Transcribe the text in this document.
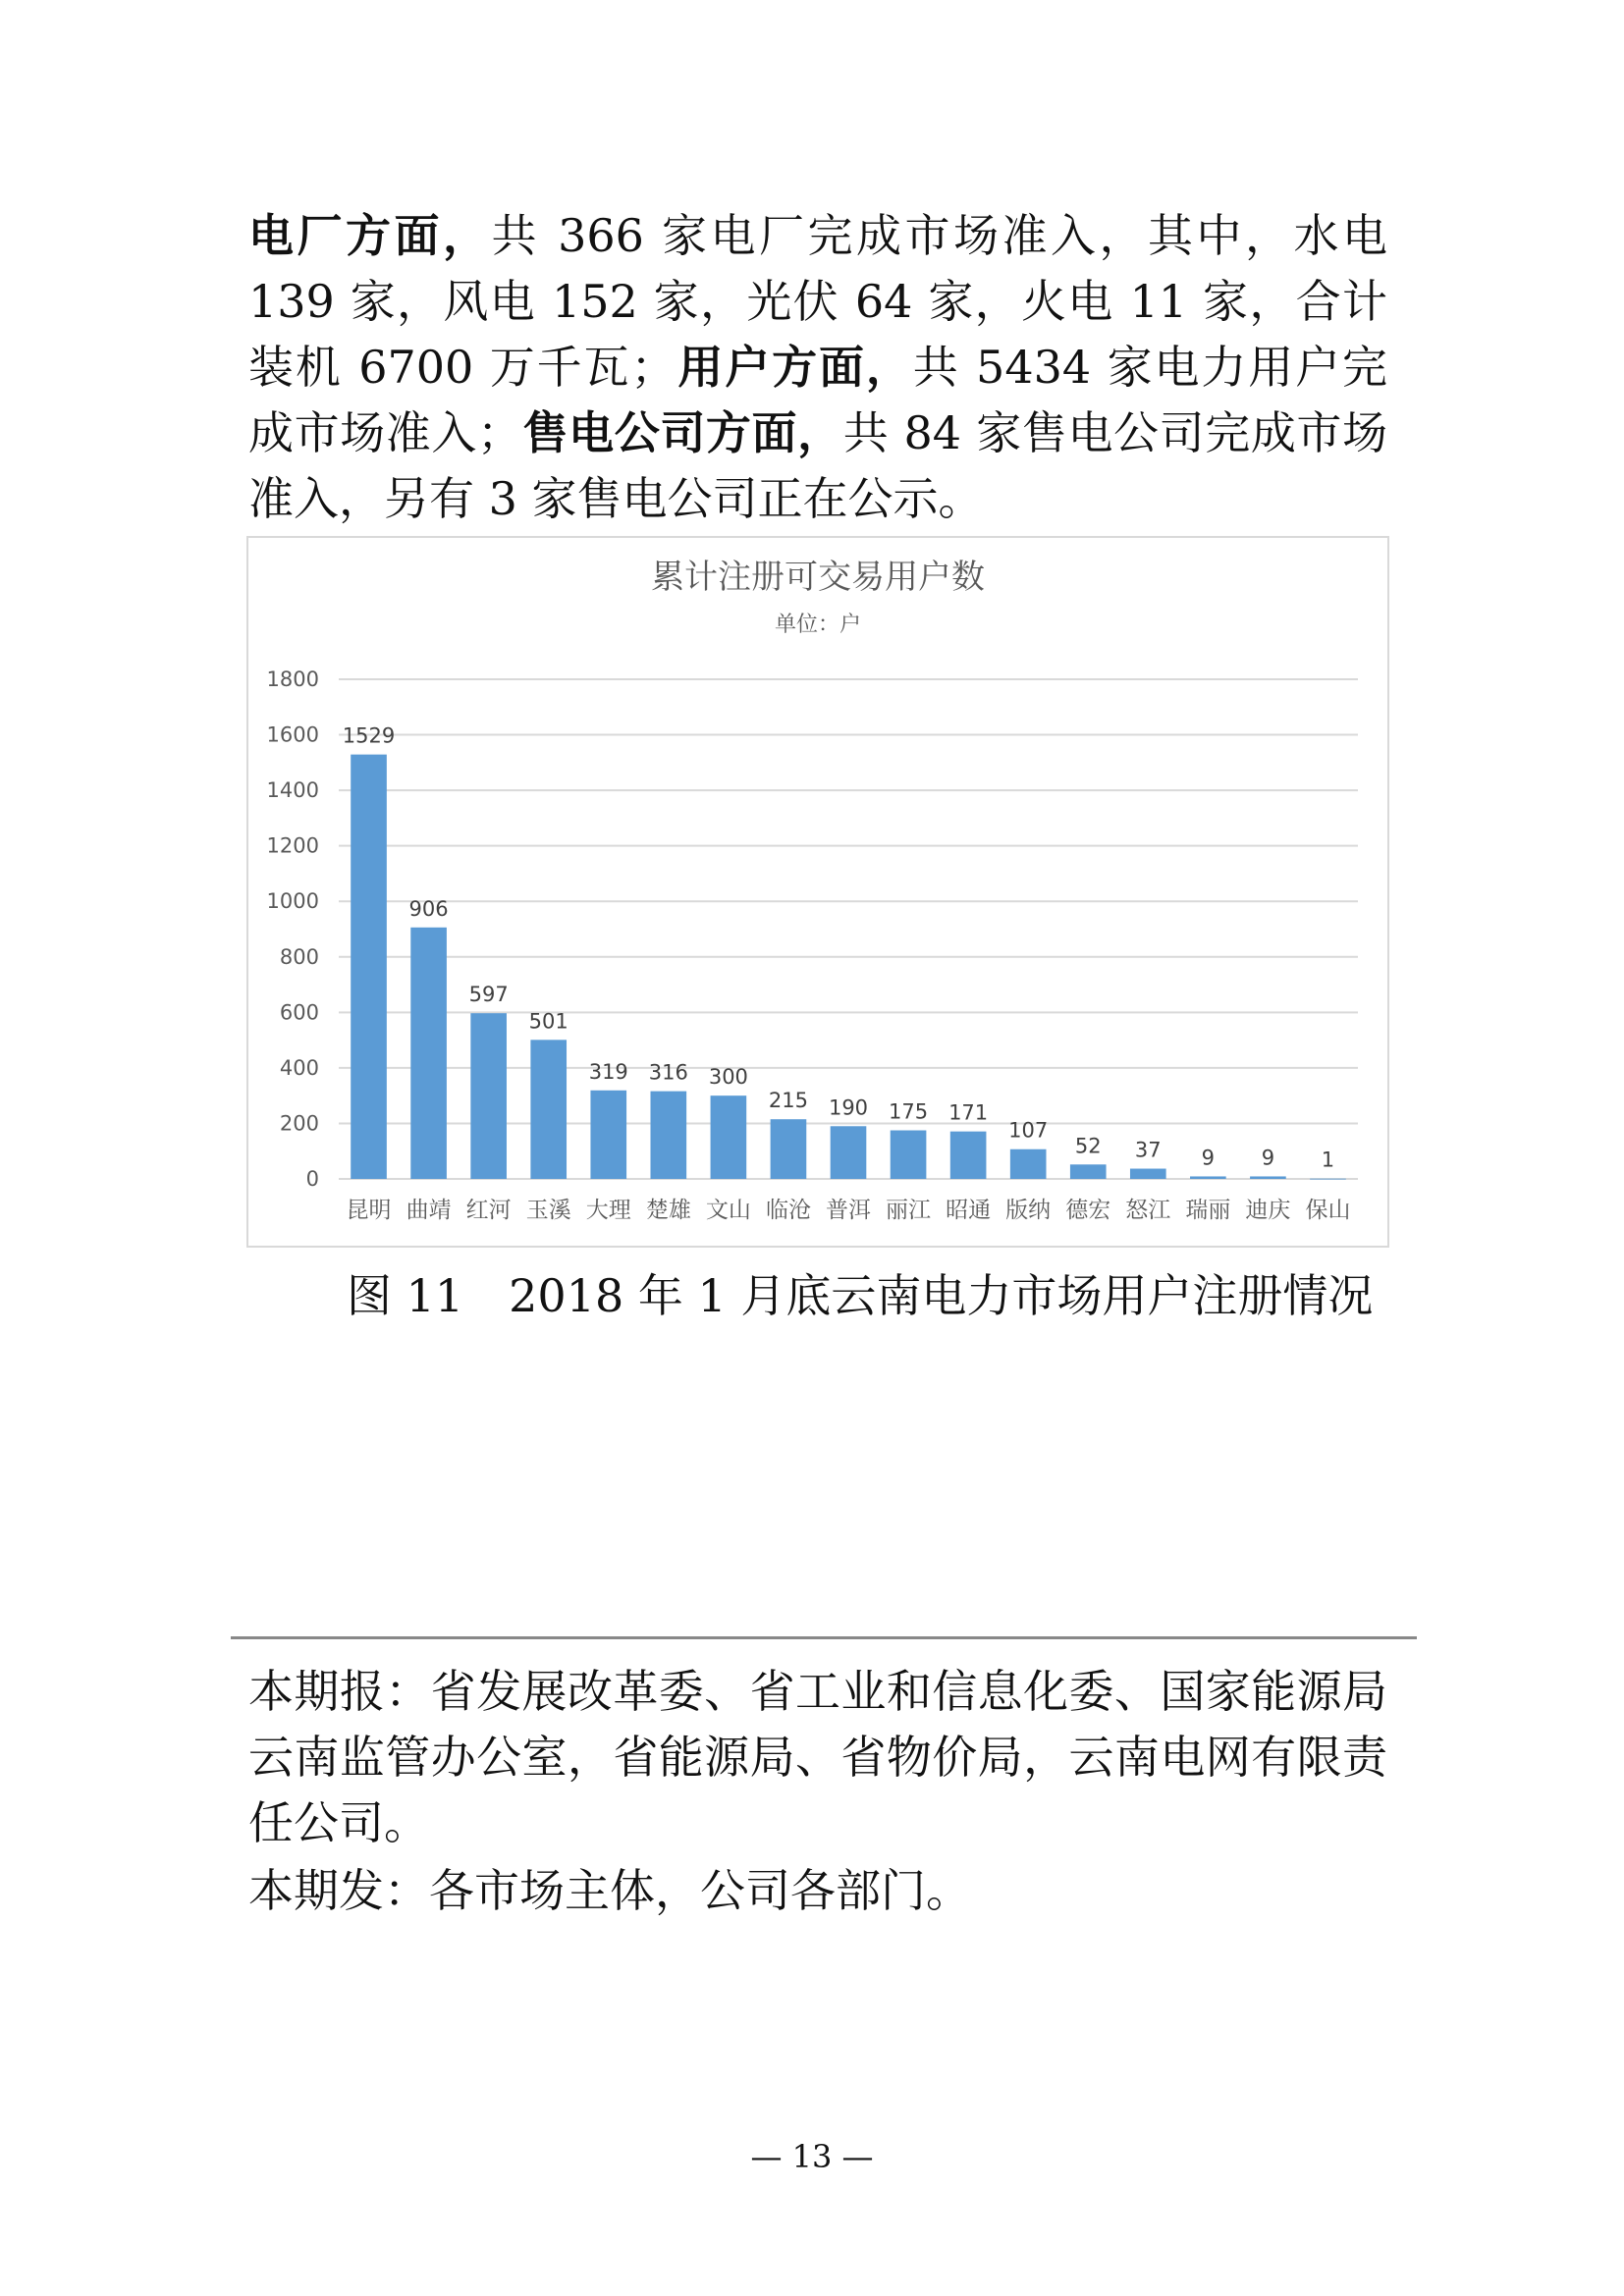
电厂方面，共 366 家电厂完成市场准入，其中，水电 139 家，风电 152 家，光伏 64 家，火电 11 家，合计装机 6700 万千瓦；用户方面，共 5434 家电力用户完成市场准入；售电公司方面，共 84 家售电公司完成市场准入，另有 3 家售电公司正在公示。
累计注册可交易用户数
单位：户
0
200
400
600
800
1000
1200
1400
1600
1800
1529
906
597
501
319 316 300
215 190 175 171
107
52 37 9 9 1
昆明 曲靖 红河 玉溪 大理 楚雄 文山 临沧 普洱 丽江 昭通 版纳 德宏 怒江 瑞丽 迪庆 保山
图 11　2018 年 1 月底云南电力市场用户注册情况
本期报：省发展改革委、省工业和信息化委、国家能源局云南监管办公室，省能源局、省物价局，云南电网有限责任公司。
本期发：各市场主体，公司各部门。
— 13 —
